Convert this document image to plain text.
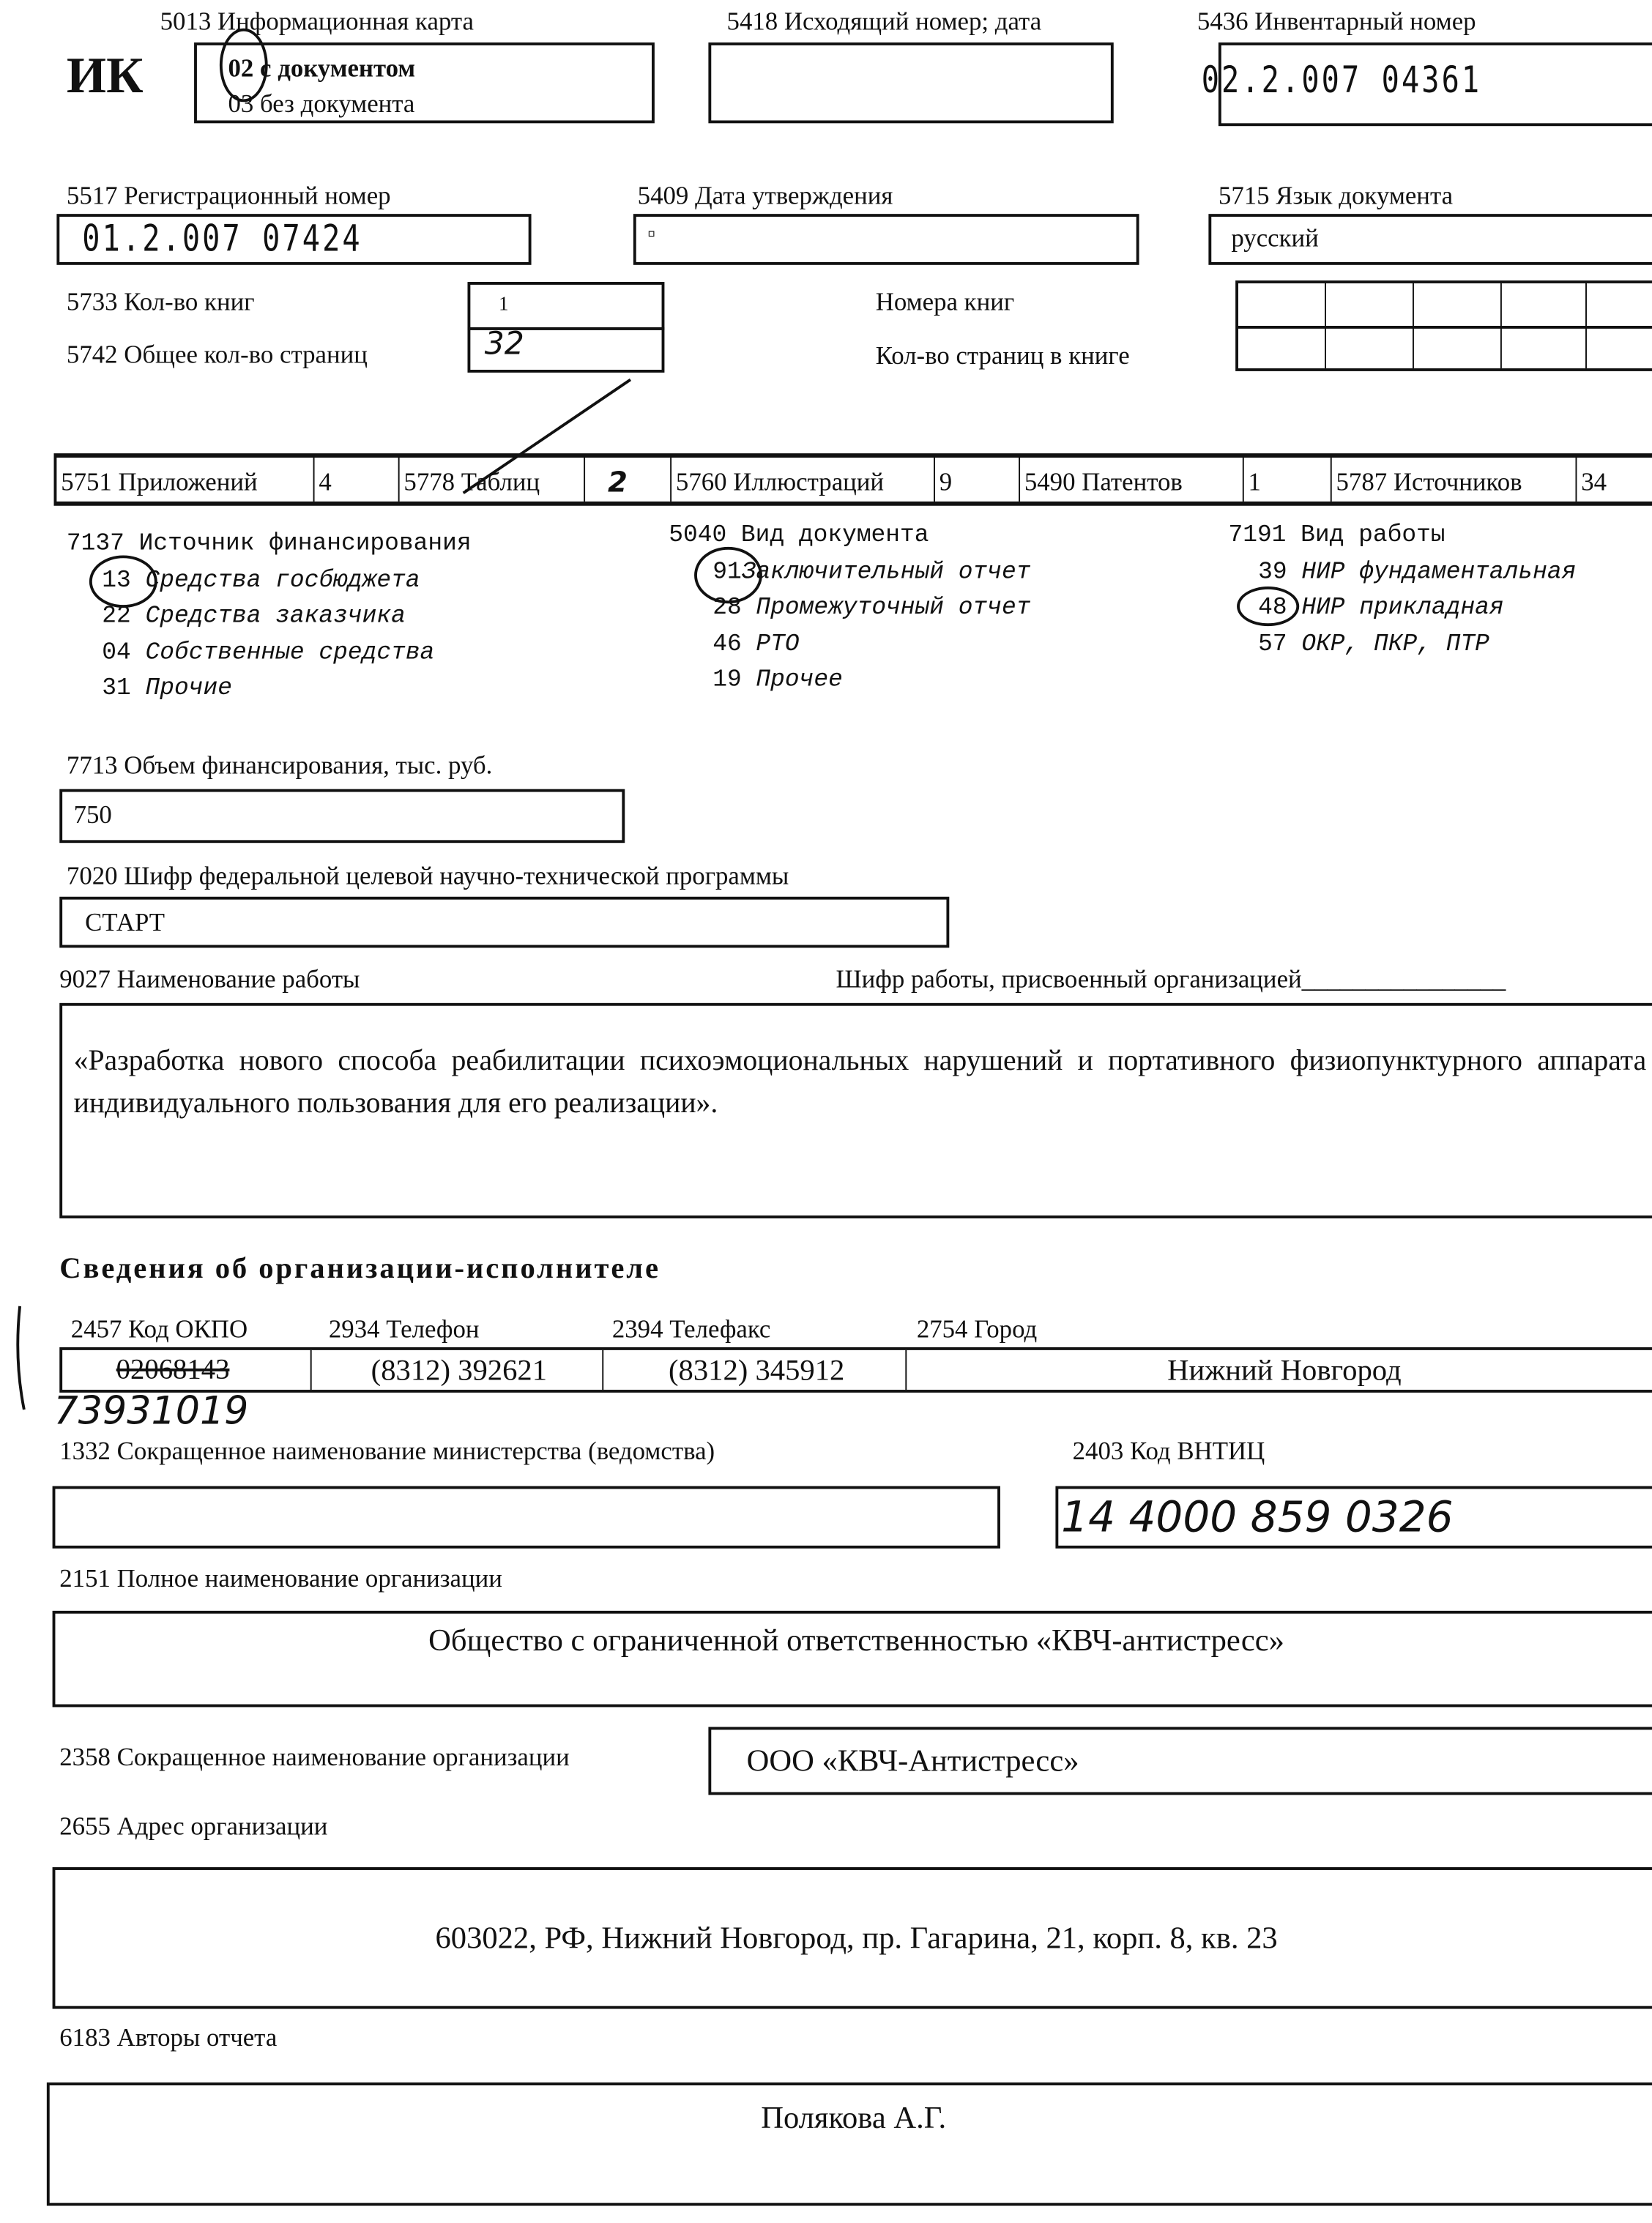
ИК
5013 Информационная карта
02 с документом
03 без документа
5418 Исходящий номер; дата	5436 Инвентарный номер
02.2.007 04361
5517 Регистрационный номер
01.2.007 07424
5409 Дата утверждения
▫
5715 Язык документа
русский
5733 Кол-во книг
5742 Общее кол-во страниц
1
32
Номера книг
Кол-во страниц в книге
5751 Приложений	4	5778 Таблиц	2	5760 Иллюстраций	9	5490 Патентов	1	5787 Источников	34
7137 Источник финансирования
13 Средства госбюджета
22 Средства заказчика
04 Собственные средства
31 Прочие
5040 Вид документа
91Заключительный отчет
28 Промежуточный отчет
46 РТО
19 Прочее
7191 Вид работы
39 НИР фундаментальная
48 НИР прикладная
57 ОКР, ПКР, ПТР
7713 Объем финансирования, тыс. руб.
750
7020 Шифр федеральной целевой научно-технической программы
СТАРТ
9027 Наименование работы	Шифр работы, присвоенный организацией________________
«Разработка нового способа реабилитации психоэмоциональных нарушений и портативного физиопунктурного аппарата индивидуального пользования для его реализации».
Сведения об организации-исполнителе
2457 Код ОКПО	2934 Телефон	2394 Телефакс	2754 Город
02068143	(8312) 392621	(8312) 345912	Нижний Новгород
73931019
1332 Сокращенное наименование министерства (ведомства)	2403 Код ВНТИЦ
14 4000 859 0326
2151 Полное наименование организации
Общество с ограниченной ответственностью «КВЧ-антистресс»
2358 Сокращенное наименование организации	ООО «КВЧ-Антистресс»
2655 Адрес организации
603022, РФ, Нижний Новгород, пр. Гагарина, 21, корп. 8, кв. 23
6183 Авторы отчета
Полякова А.Г.
